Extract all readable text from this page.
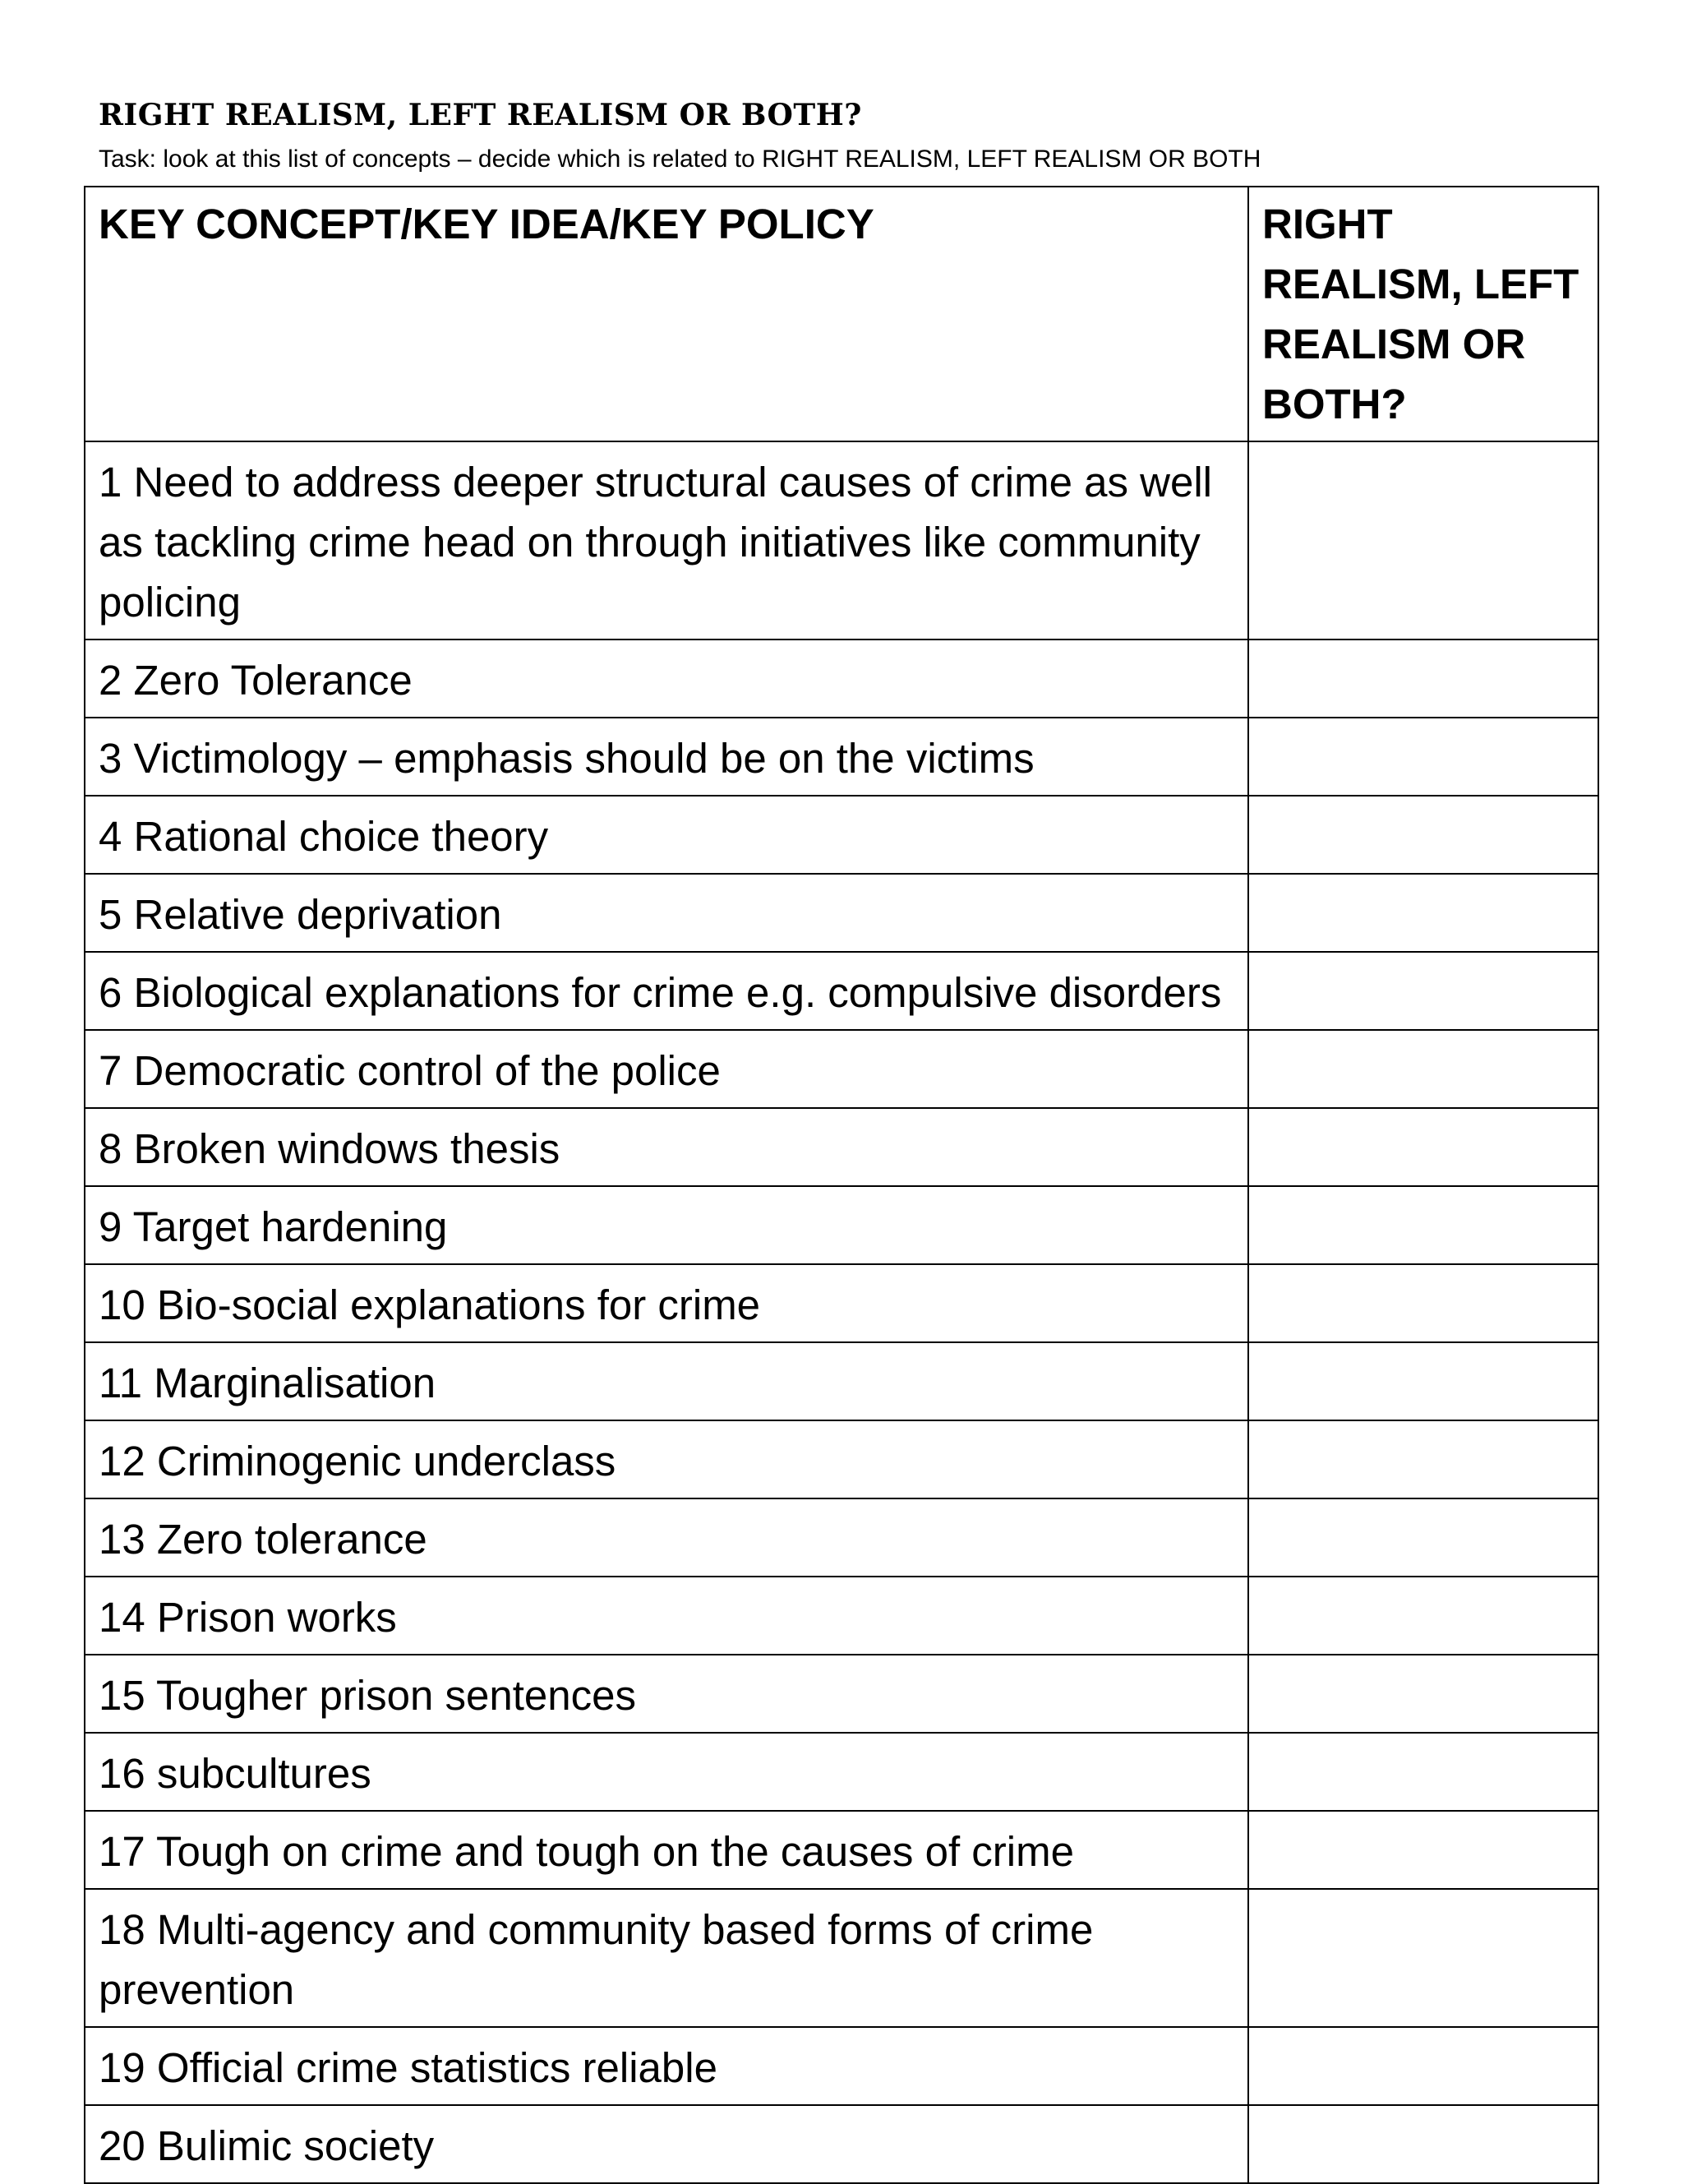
RIGHT REALISM, LEFT REALISM OR BOTH?

Task: look at this list of concepts – decide which is related to RIGHT REALISM, LEFT REALISM OR BOTH

KEY CONCEPT/KEY IDEA/KEY POLICY	RIGHT REALISM, LEFT REALISM OR BOTH?
1 Need to address deeper structural causes of crime as well as tackling crime head on through initiatives like community policing	
2 Zero Tolerance	
3 Victimology – emphasis should be on the victims	
4 Rational choice theory	
5 Relative deprivation	
6 Biological explanations for crime e.g. compulsive disorders	
7 Democratic control of the police	
8 Broken windows thesis	
9 Target hardening	
10 Bio-social explanations for crime	
11 Marginalisation	
12 Criminogenic underclass	
13 Zero tolerance	
14 Prison works	
15 Tougher prison sentences	
16 subcultures	
17 Tough on crime and tough on the causes of crime	
18 Multi-agency and community based forms of crime prevention	
19 Official crime statistics reliable	
20 Bulimic society	
